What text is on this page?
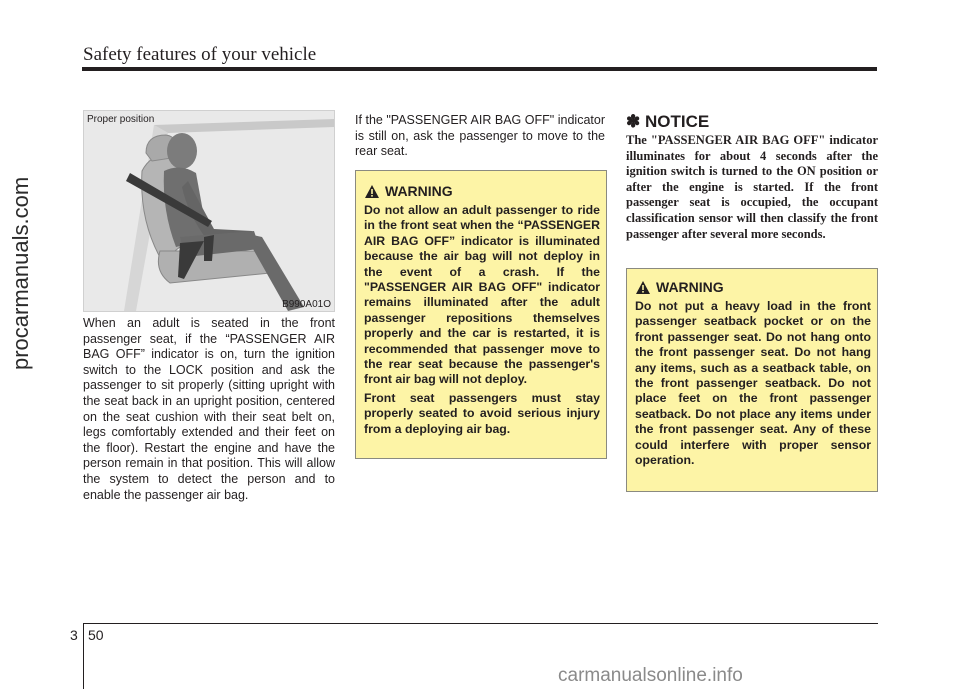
Safety features of your vehicle
procarmanuals.com
Proper position
B990A01O
When an adult is seated in the front passenger seat, if the “PASSENGER AIR BAG OFF” indicator is on, turn the ignition switch to the LOCK position and ask the passenger to sit properly (sitting upright with the seat back in an upright position, centered on the seat cushion with their seat belt on, legs comfortably extended and their feet on the floor). Restart the engine and have the person remain in that position. This will allow the system to detect the person and to enable the passenger air bag.
If the "PASSENGER AIR BAG OFF" indicator is still on, ask the passenger to move to the rear seat.
WARNING

Do not allow an adult passenger to ride in the front seat when the “PASSENGER AIR BAG OFF” indicator is illuminated because the air bag will not deploy in the event of a crash. If the "PASSENGER AIR BAG OFF" indicator remains illuminated after the adult passenger repositions themselves properly and the car is restarted, it is recommended that passenger move to the rear seat because the passenger's front air bag will not deploy.

Front seat passengers must stay properly seated to avoid serious injury from a deploying air bag.

✽ NOTICE
The "PASSENGER AIR BAG OFF" indicator illuminates for about 4 seconds after the ignition switch is turned to the ON position or after the engine is started. If the front passenger seat is occupied, the occupant classification sensor will then classify the front passenger after several more seconds.
WARNING

Do not put a heavy load in the front passenger seatback pocket or on the front passenger seat. Do not hang onto the front passenger seat. Do not hang any items, such as a seatback table, on the front passenger seatback. Do not place feet on the front passenger seatback. Do not place any items under the front passenger seat. Any of these could interfere with proper sensor operation.

3 50
carmanualsonline.info
